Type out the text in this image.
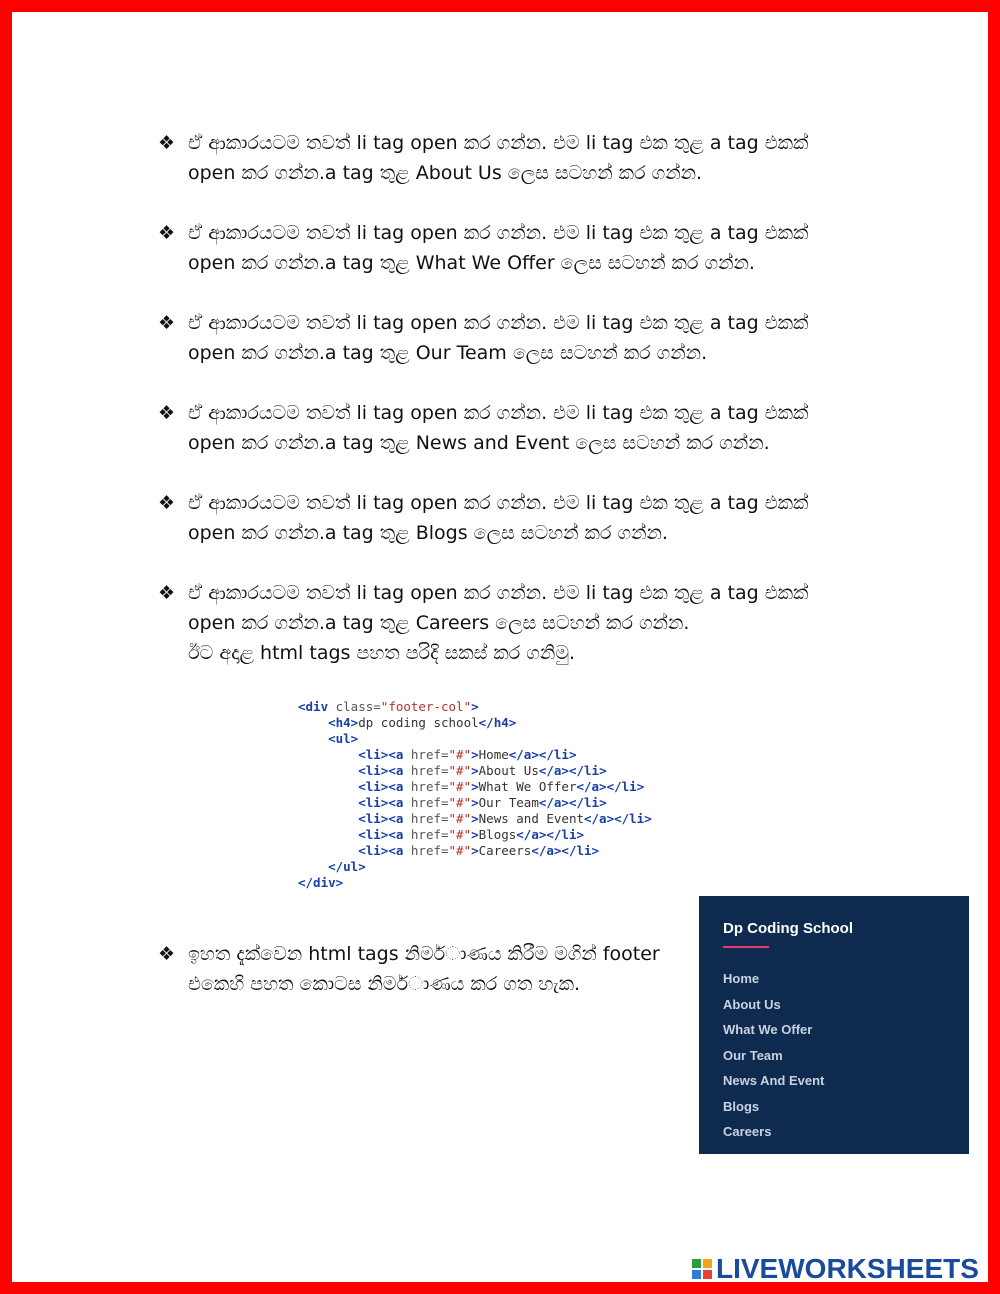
❖ ඒ ආකාරයටම තවත් li tag open කර ගන්න. එම li tag එක තුළ a tag එකක්
open කර ගන්න.a tag තුළ About Us ලෙස සටහන් කර ගන්න.
❖ ඒ ආකාරයටම තවත් li tag open කර ගන්න. එම li tag එක තුළ a tag එකක්
open කර ගන්න.a tag තුළ What We Offer ලෙස සටහන් කර ගන්න.
❖ ඒ ආකාරයටම තවත් li tag open කර ගන්න. එම li tag එක තුළ a tag එකක්
open කර ගන්න.a tag තුළ Our Team ලෙස සටහන් කර ගන්න.
❖ ඒ ආකාරයටම තවත් li tag open කර ගන්න. එම li tag එක තුළ a tag එකක්
open කර ගන්න.a tag තුළ News and Event ලෙස සටහන් කර ගන්න.
❖ ඒ ආකාරයටම තවත් li tag open කර ගන්න. එම li tag එක තුළ a tag එකක්
open කර ගන්න.a tag තුළ Blogs ලෙස සටහන් කර ගන්න.
❖ ඒ ආකාරයටම තවත් li tag open කර ගන්න. එම li tag එක තුළ a tag එකක්
open කර ගන්න.a tag තුළ Careers ලෙස සටහන් කර ගන්න.
ඊට අදාළ html tags පහත පරිදි සකස් කර ගනිමු.
<div class="footer-col">
<h4>dp coding school</h4>
<ul>
<li><a href="#">Home</a></li>
<li><a href="#">About Us</a></li>
<li><a href="#">What We Offer</a></li>
<li><a href="#">Our Team</a></li>
<li><a href="#">News and Event</a></li>
<li><a href="#">Blogs</a></li>
<li><a href="#">Careers</a></li>
</ul>
</div>
❖ ඉහත දැක්වෙන html tags නිමර්ාණය කිරීම මගින් footer
එකෙහි පහත කොටස නිමර්ාණය කර ගත හැක.
Dp Coding School
Home
About Us
What We Offer
Our Team
News And Event
Blogs
Careers
LIVEWORKSHEETS
